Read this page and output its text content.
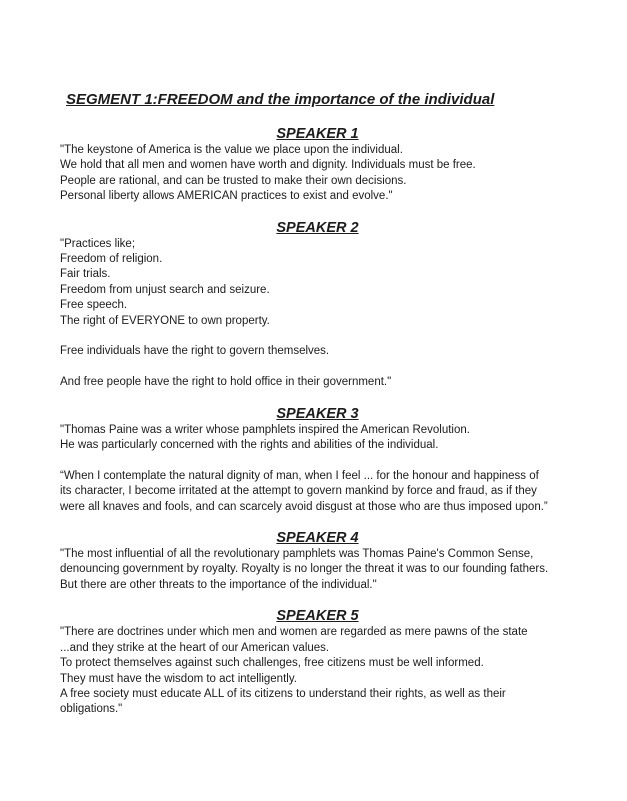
SEGMENT 1:FREEDOM and the importance of the individual
SPEAKER 1
"The keystone of America is the value we place upon the individual.
We hold that all men and women have worth and dignity. Individuals must be free.
People are rational, and can be trusted to make their own decisions.
Personal liberty allows AMERICAN practices to exist and evolve."
SPEAKER 2
"Practices like;
Freedom of religion.
Fair trials.
Freedom from unjust search and seizure.
Free speech.
The right of EVERYONE to own property.
Free individuals have the right to govern themselves.
And free people have the right to hold office in their government."
SPEAKER 3
"Thomas Paine was a writer whose pamphlets inspired the American Revolution.
He was particularly concerned with the rights and abilities of the individual.
“When I contemplate the natural dignity of man, when I feel ... for the honour and happiness of
its character, I become irritated at the attempt to govern mankind by force and fraud, as if they
were all knaves and fools, and can scarcely avoid disgust at those who are thus imposed upon.”
SPEAKER 4
"The most influential of all the revolutionary pamphlets was Thomas Paine's Common Sense,
denouncing government by royalty. Royalty is no longer the threat it was to our founding fathers.
But there are other threats to the importance of the individual."
SPEAKER 5
"There are doctrines under which men and women are regarded as mere pawns of the state
...and they strike at the heart of our American values.
To protect themselves against such challenges, free citizens must be well informed.
They must have the wisdom to act intelligently.
A free society must educate ALL of its citizens to understand their rights, as well as their
obligations."
